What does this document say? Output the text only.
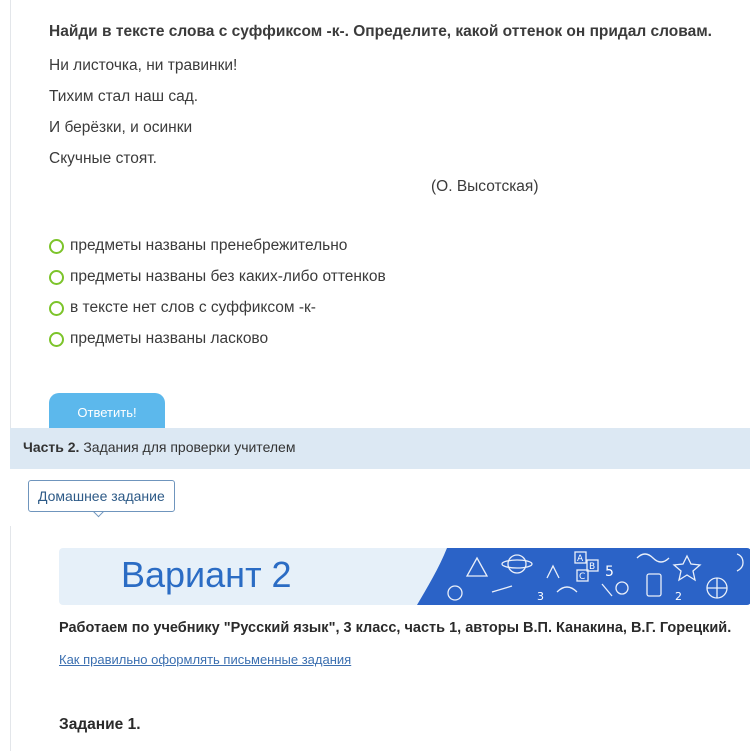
Найди в тексте слова с суффиксом -к-. Определите, какой оттенок он придал словам.
Ни листочка, ни травинки!
Тихим стал наш сад.
И берёзки, и осинки
Скучные стоят.
(О. Высотская)
предметы названы пренебрежительно
предметы названы без каких-либо оттенков
в тексте нет слов с суффиксом -к-
предметы названы ласково
Ответить!
Часть 2. Задания для проверки учителем
Домашнее задание
Вариант 2	A
B
C 5
3	2
Работаем по учебнику "Русский язык", 3 класс, часть 1, авторы В.П. Канакина, В.Г. Горецкий.
Как правильно оформлять письменные задания
Задание 1.
